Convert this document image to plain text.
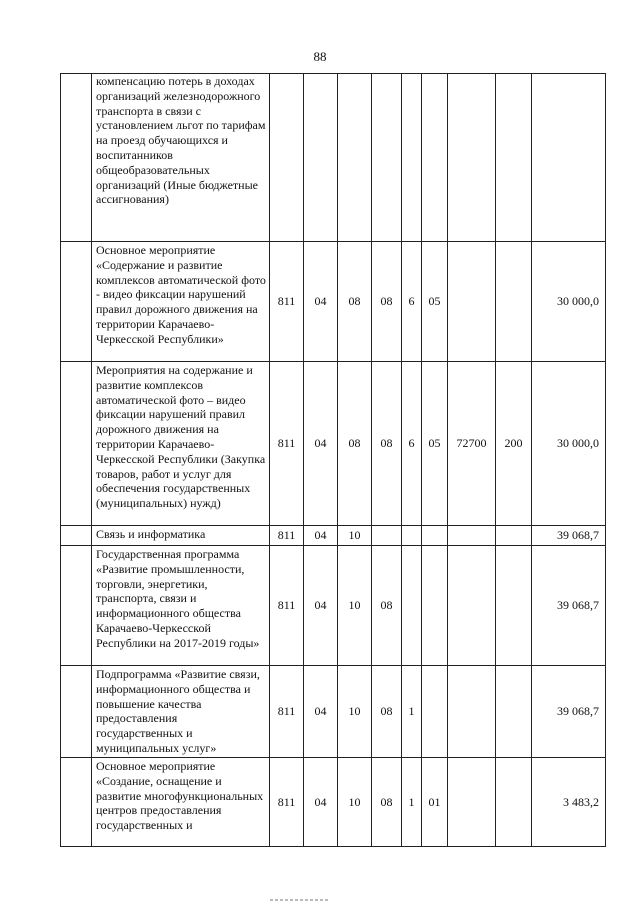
88
	компенсацию потерь в доходах организаций железнодорожного транспорта в связи с установлением льгот по тарифам на проезд обучающихся и воспитанников общеобразовательных организаций (Иные бюджетные ассигнования)									
	Основное мероприятие «Содержание и развитие комплексов автоматической фото - видео фиксации нарушений правил дорожного движения на территории Карачаево-Черкесской Республики»	811	04	08	08	6	05			30 000,0
	Мероприятия на содержание и развитие комплексов автоматической фото – видео фиксации нарушений правил дорожного движения на территории Карачаево-Черкесской Республики (Закупка товаров, работ и услуг для обеспечения государственных (муниципальных) нужд)	811	04	08	08	6	05	72700	200	30 000,0
	Связь и информатика	811	04	10						39 068,7
	Государственная программа «Развитие промышленности, торговли, энергетики, транспорта, связи и информационного общества Карачаево-Черкесской Республики на 2017-2019 годы»	811	04	10	08					39 068,7
	Подпрограмма «Развитие связи, информационного общества и повышение качества предоставления государственных и муниципальных услуг»	811	04	10	08	1				39 068,7
	Основное мероприятие «Создание, оснащение и развитие многофункциональных центров предоставления государственных и	811	04	10	08	1	01			3 483,2
